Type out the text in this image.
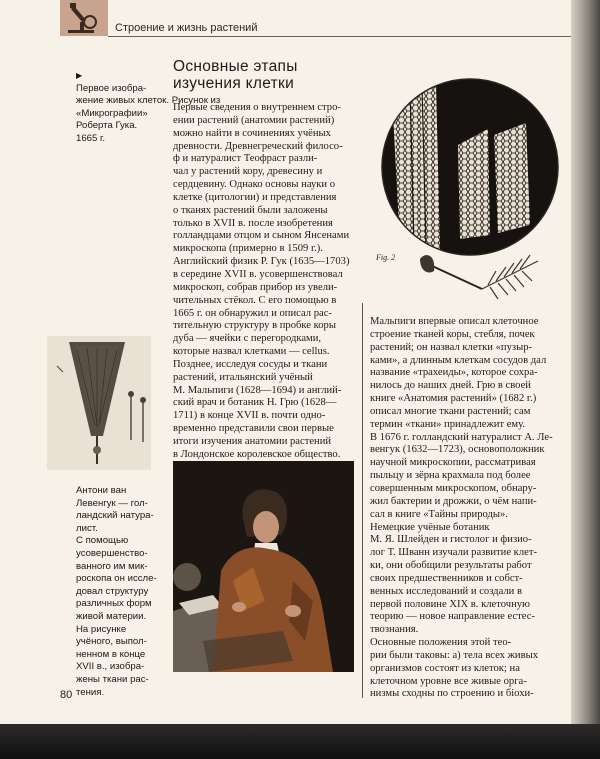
Строение и жизнь растений
▶
Первое изобра-
жение живых клеток. Рисунок из
«Микрографии»
Роберта Гука.
1665 г.
Антони ван
Левенгук — гол-
ландский натура-
лист.
С помощью
усовершенство-
ванного им мик-
роскопа он иссле-
довал структуру
различных форм
живой материи.
На рисунке
учёного, выпол-
ненном в конце
XVII в., изобра-
жены ткани рас-
тения.
Основные этапы
изучения клетки
Первые сведения о внутреннем стро-
ении растений (анатомии растений)
можно найти в сочинениях учёных
древности. Древнегреческий филосо-
ф и натуралист Теофраст разли-
чал у растений кору, древесину и
сердцевину. Однако основы науки о
клетке (цитологии) и представления
о тканях растений были заложены
только в XVII в. после изобретения
голландцами отцом и сыном Янсенами
микроскопа (примерно в 1509 г.).
Английский физик Р. Гук (1635—1703)
в середине XVII в. усовершенствовал
микроскоп, собрав прибор из увели-
чительных стёкол. С его помощью в
1665 г. он обнаружил и описал рас-
тительную структуру в пробке коры
дуба — ячейки с перегородками,
которые назвал клетками — cellus.
Позднее, исследуя сосуды и ткани
растений, итальянский учёный
М. Мальпиги (1628—1694) и англий-
ский врач и ботаник Н. Грю (1628—
1711) в конце XVII в. почти одно-
временно представили свои первые
итоги изучения анатомии растений
в Лондонское королевское общество.
Fig. 2
Мальпиги впервые описал клеточное
строение тканей коры, стебля, почек
растений; он назвал клетки «пузыр-
ками», а длинным клеткам сосудов дал
название «трахеиды», которое сохра-
нилось до наших дней. Грю в своей
книге «Анатомия растений» (1682 г.)
описал многие ткани растений; сам
термин «ткани» принадлежит ему.
В 1676 г. голландский натуралист А. Ле-
венгук (1632—1723), основоположник
научной микроскопии, рассматривая
пыльцу и зёрна крахмала под более
совершенным микроскопом, обнару-
жил бактерии и дрожжи, о чём напи-
сал в книге «Тайны природы».
Немецкие учёные ботаник
М. Я. Шлейден и гистолог и физио-
лог Т. Шванн изучали развитие клет-
ки, они обобщили результаты работ
своих предшественников и собст-
венных исследований и создали в
первой половине XIX в. клеточную
теорию — новое направление естес-
твознания.
Основные положения этой тео-
рии были таковы: а) тела всех живых
организмов состоят из клеток; на
клеточном уровне все живые орга-
низмы сходны по строению и бiохи-
80
